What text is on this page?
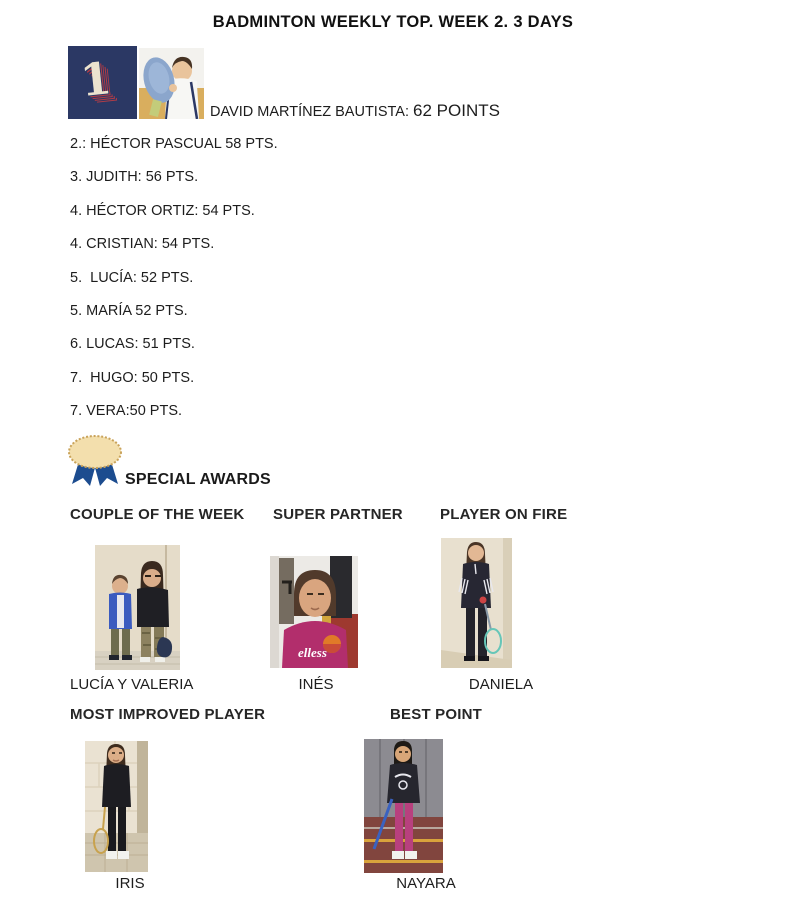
BADMINTON WEEKLY TOP. WEEK 2. 3 DAYS
1
DAVID MARTÍNEZ BAUTISTA: 62 POINTS
2.: HÉCTOR PASCUAL 58 PTS.
3. JUDITH: 56 PTS.
4. HÉCTOR ORTIZ: 54 PTS.
4. CRISTIAN: 54 PTS.
5.  LUCÍA: 52 PTS.
5. MARÍA 52 PTS.
6. LUCAS: 51 PTS.
7.  HUGO: 50 PTS.
7. VERA:50 PTS.
SPECIAL AWARDS
COUPLE OF THE WEEK SUPER PARTNER PLAYER ON FIRE
elless
LUCÍA Y VALERIA	INÉS	DANIELA
MOST IMPROVED PLAYER	BEST POINT
IRIS	NAYARA
